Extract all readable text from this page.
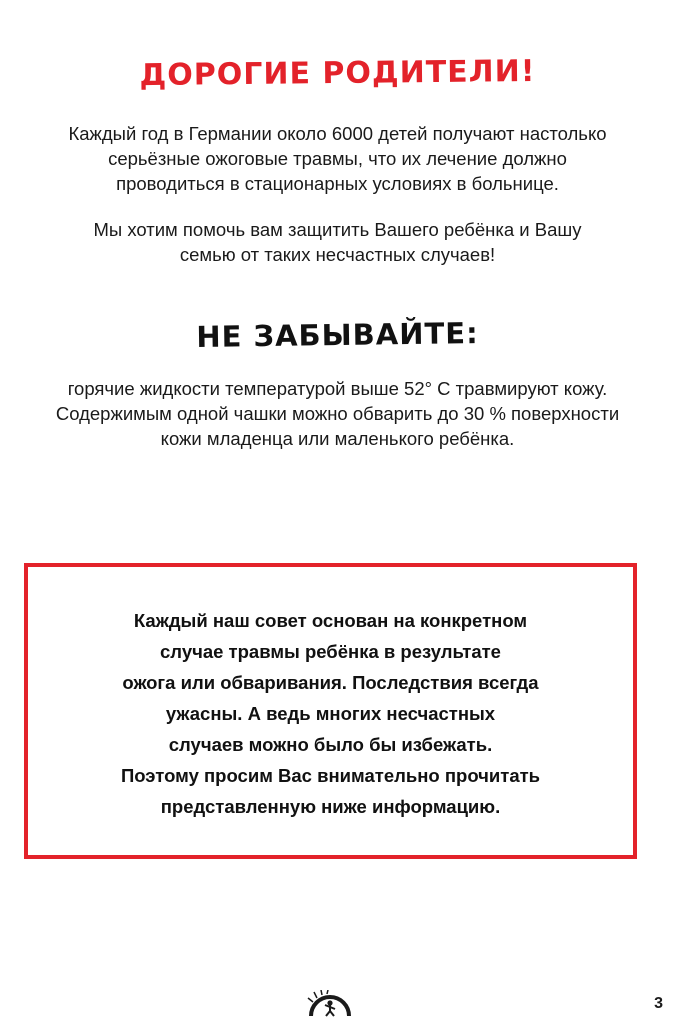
ДОРОГИЕ РОДИТЕЛИ!
Каждый год в Германии около 6000 детей получают настолько
серьёзные ожоговые травмы, что их лечение должно
проводиться в стационарных условиях в больнице.
Мы хотим помочь вам защитить Вашего ребёнка и Вашу
семью от таких несчастных случаев!
НЕ ЗАБЫВАЙТЕ:
горячие жидкости температурой выше 52° C травмируют кожу.
Содержимым одной чашки можно обварить до 30 % поверхности
кожи младенца или маленького ребёнка.
Каждый наш совет основан на конкретном
случае травмы ребёнка в результате
ожога или обваривания. Последствия всегда
ужасны. А ведь многих несчастных
случаев можно было бы избежать.
Поэтому просим Вас внимательно прочитать
представленную ниже информацию.
3
